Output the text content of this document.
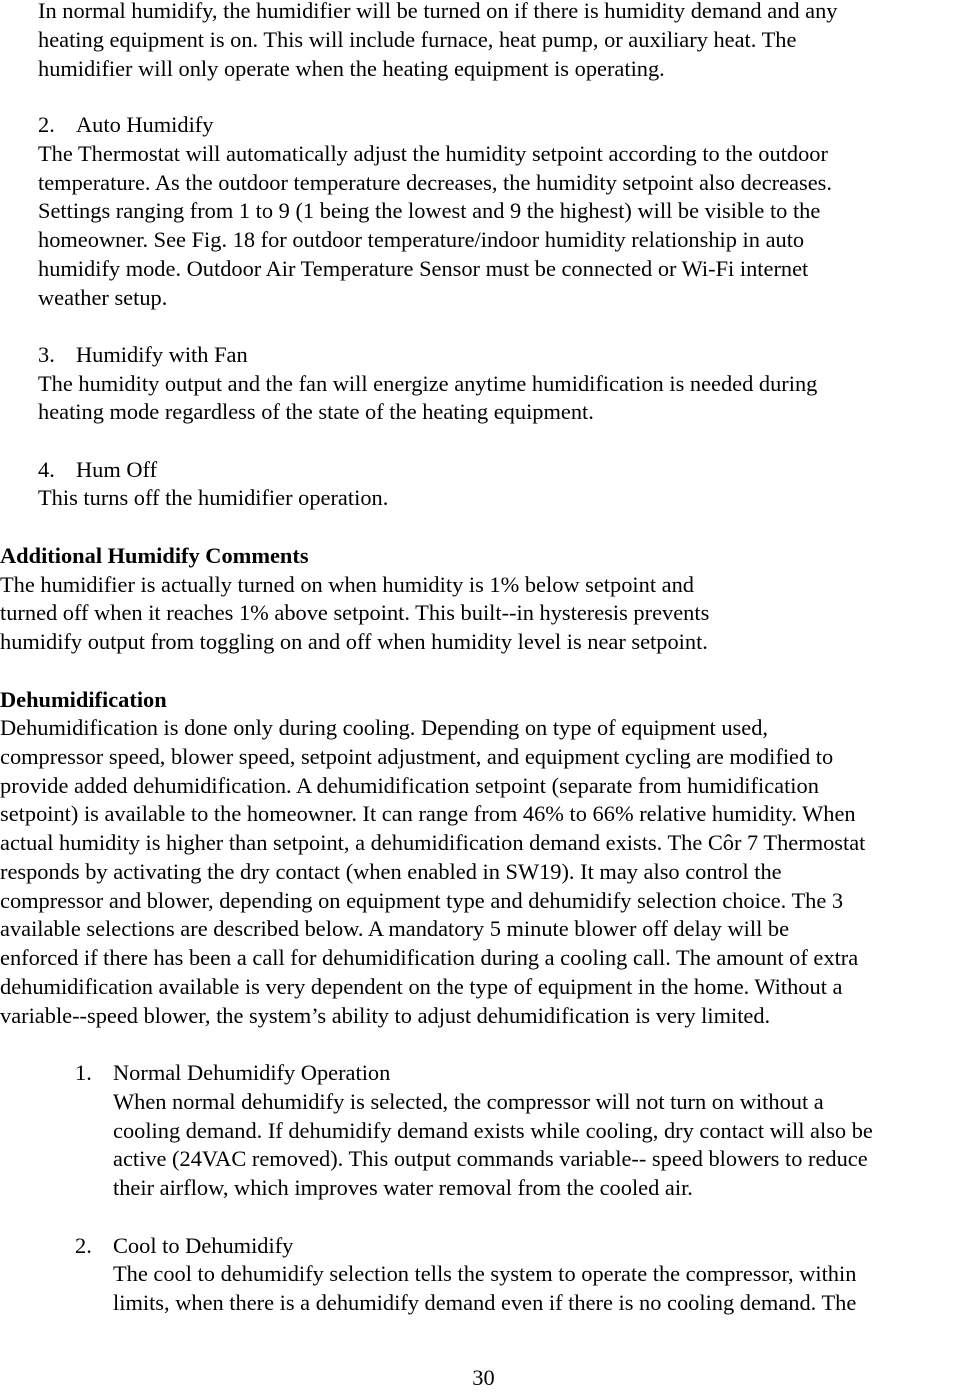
In normal humidify, the humidifier will be turned on if there is humidity demand and any
heating equipment is on. This will include furnace, heat pump, or auxiliary heat. The
humidifier will only operate when the heating equipment is operating.
2. Auto Humidify
The Thermostat will automatically adjust the humidity setpoint according to the outdoor
temperature. As the outdoor temperature decreases, the humidity setpoint also decreases.
Settings ranging from 1 to 9 (1 being the lowest and 9 the highest) will be visible to the
homeowner. See Fig. 18 for outdoor temperature/indoor humidity relationship in auto
humidify mode. Outdoor Air Temperature Sensor must be connected or Wi-Fi internet
weather setup.
3. Humidify with Fan
The humidity output and the fan will energize anytime humidification is needed during
heating mode regardless of the state of the heating equipment.
4. Hum Off
This turns off the humidifier operation.
Additional Humidify Comments
The humidifier is actually turned on when humidity is 1% below setpoint and
turned off when it reaches 1% above setpoint. This built--in hysteresis prevents
humidify output from toggling on and off when humidity level is near setpoint.
Dehumidification
Dehumidification is done only during cooling. Depending on type of equipment used,
compressor speed, blower speed, setpoint adjustment, and equipment cycling are modified to
provide added dehumidification. A dehumidification setpoint (separate from humidification
setpoint) is available to the homeowner. It can range from 46% to 66% relative humidity. When
actual humidity is higher than setpoint, a dehumidification demand exists. The Côr 7 Thermostat
responds by activating the dry contact (when enabled in SW19). It may also control the
compressor and blower, depending on equipment type and dehumidify selection choice. The 3
available selections are described below. A mandatory 5 minute blower off delay will be
enforced if there has been a call for dehumidification during a cooling call. The amount of extra
dehumidification available is very dependent on the type of equipment in the home. Without a
variable--speed blower, the system’s ability to adjust dehumidification is very limited.
1. Normal Dehumidify Operation
When normal dehumidify is selected, the compressor will not turn on without a
cooling demand. If dehumidify demand exists while cooling, dry contact will also be
active (24VAC removed). This output commands variable-- speed blowers to reduce
their airflow, which improves water removal from the cooled air.
2. Cool to Dehumidify
The cool to dehumidify selection tells the system to operate the compressor, within
limits, when there is a dehumidify demand even if there is no cooling demand. The
30
